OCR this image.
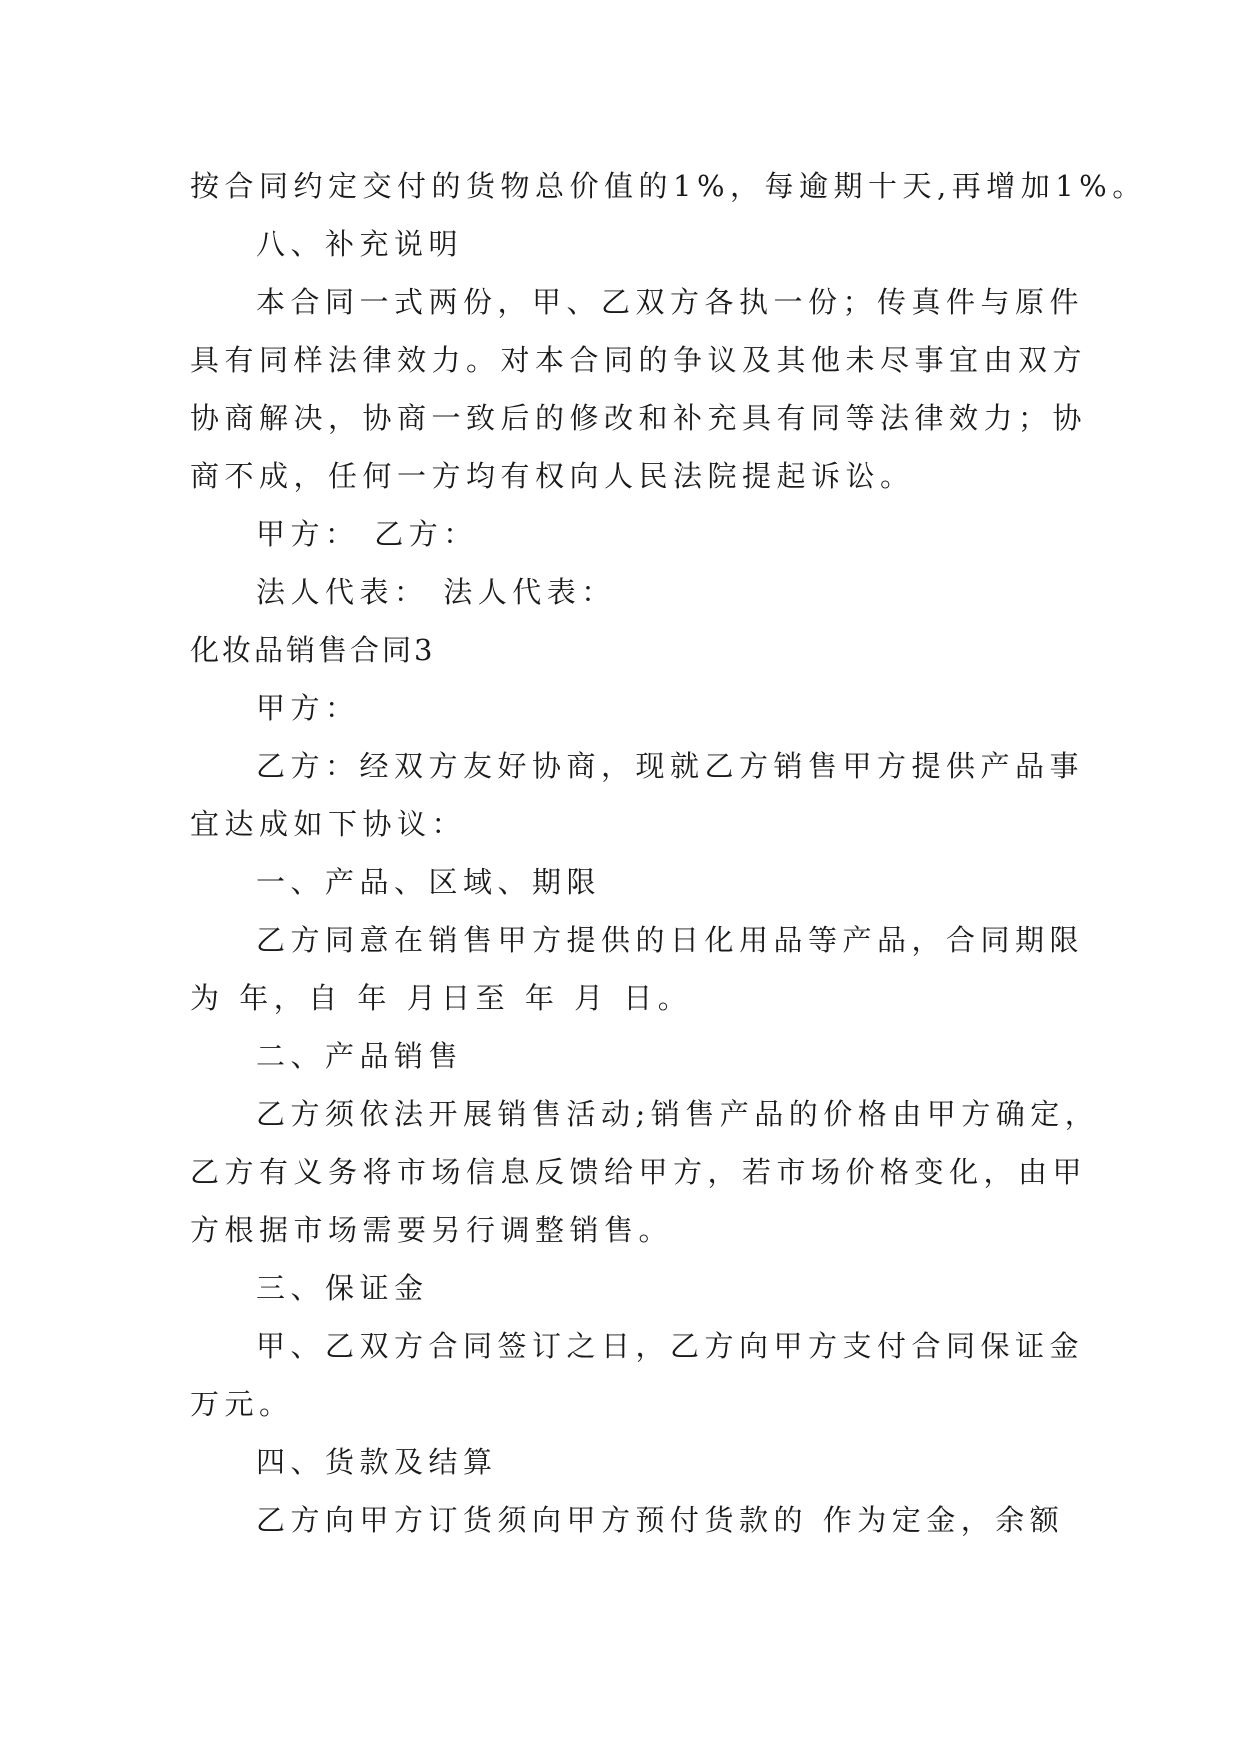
按合同约定交付的货物总价值的1%，每逾期十天,再增加1%。
八、补充说明
本合同一式两份，甲、乙双方各执一份；传真件与原件
具有同样法律效力。对本合同的争议及其他未尽事宜由双方
协商解决，协商一致后的修改和补充具有同等法律效力；协
商不成，任何一方均有权向人民法院提起诉讼。
甲方： 乙方：
法人代表： 法人代表：
化妆品销售合同3
甲方：
乙方：经双方友好协商，现就乙方销售甲方提供产品事
宜达成如下协议：
一、产品、区域、期限
乙方同意在销售甲方提供的日化用品等产品，合同期限
为 年，自 年 月日至 年 月 日。
二、产品销售
乙方须依法开展销售活动;销售产品的价格由甲方确定，
乙方有义务将市场信息反馈给甲方，若市场价格变化，由甲
方根据市场需要另行调整销售。
三、保证金
甲、乙双方合同签订之日，乙方向甲方支付合同保证金
万元。
四、货款及结算
乙方向甲方订货须向甲方预付货款的 作为定金，余额
